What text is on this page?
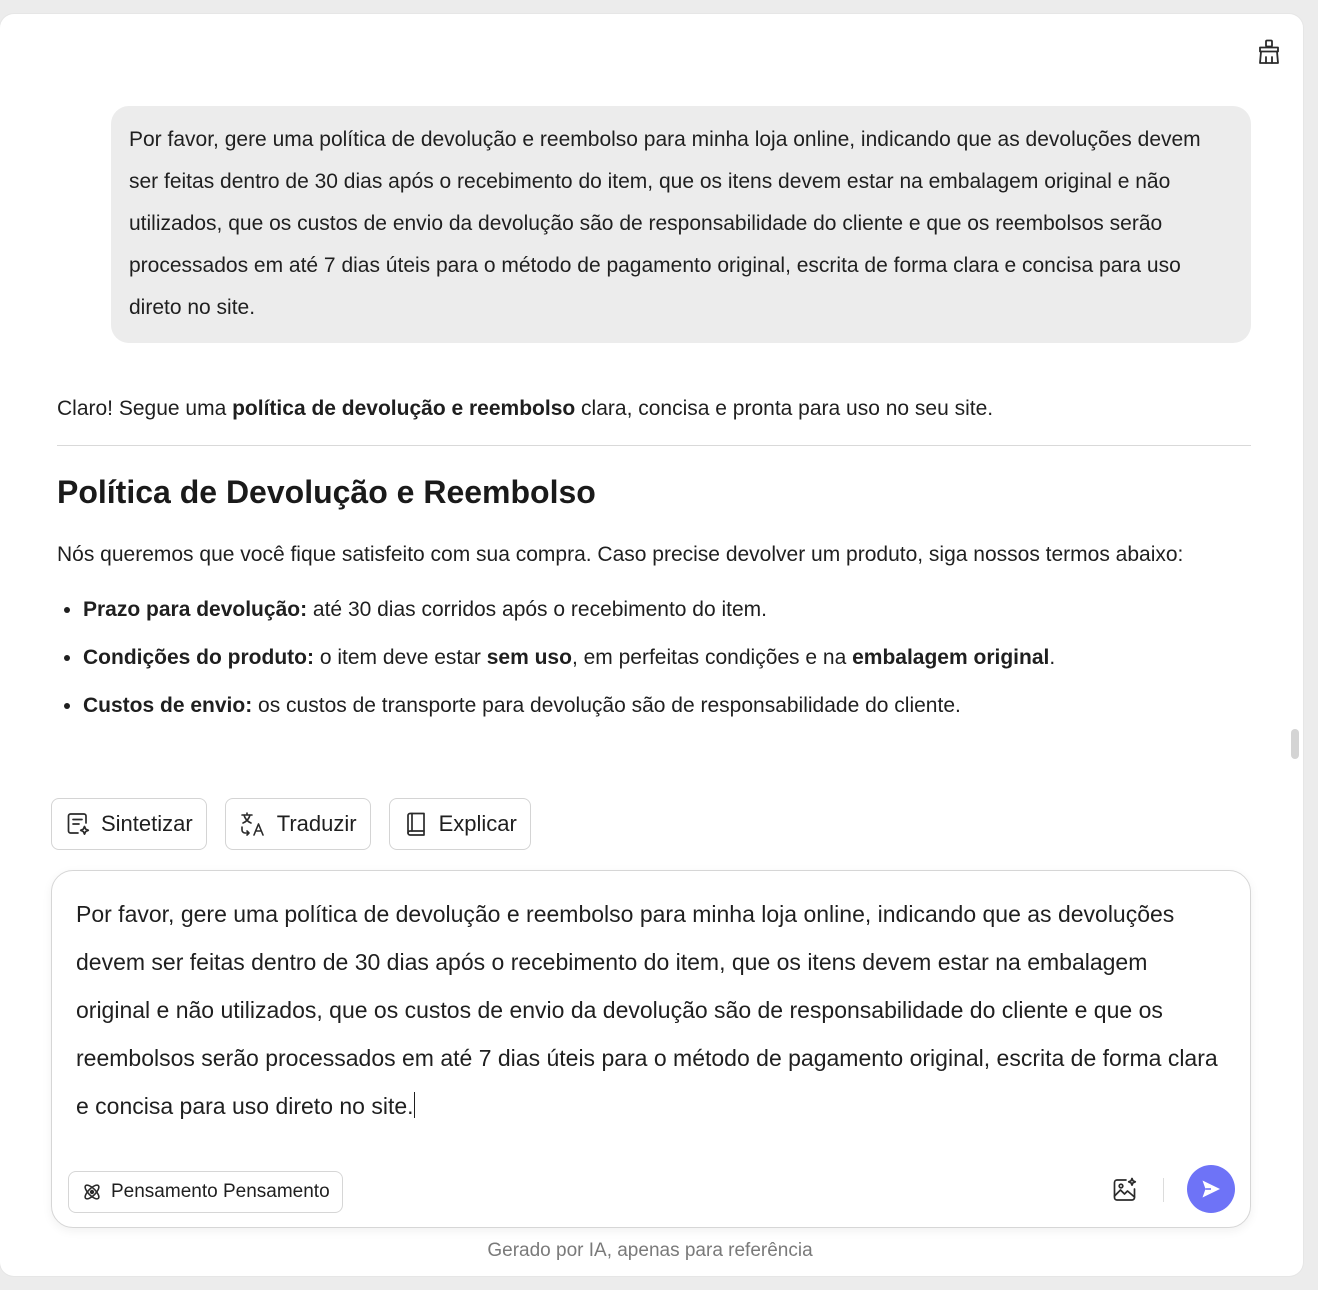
Por favor, gere uma política de devolução e reembolso para minha loja online, indicando que as devoluções devem ser feitas dentro de 30 dias após o recebimento do item, que os itens devem estar na embalagem original e não utilizados, que os custos de envio da devolução são de responsabilidade do cliente e que os reembolsos serão processados em até 7 dias úteis para o método de pagamento original, escrita de forma clara e concisa para uso direto no site.

Claro! Segue uma política de devolução e reembolso clara, concisa e pronta para uso no seu site.

Política de Devolução e Reembolso

Nós queremos que você fique satisfeito com sua compra. Caso precise devolver um produto, siga nossos termos abaixo:

• Prazo para devolução: até 30 dias corridos após o recebimento do item.
• Condições do produto: o item deve estar sem uso, em perfeitas condições e na embalagem original.
• Custos de envio: os custos de transporte para devolução são de responsabilidade do cliente.
Sintetizar	Traduzir	Explicar
Por favor, gere uma política de devolução e reembolso para minha loja online, indicando que as devoluções devem ser feitas dentro de 30 dias após o recebimento do item, que os itens devem estar na embalagem original e não utilizados, que os custos de envio da devolução são de responsabilidade do cliente e que os reembolsos serão processados em até 7 dias úteis para o método de pagamento original, escrita de forma clara e concisa para uso direto no site.
Pensamento Pensamento
Gerado por IA, apenas para referência
